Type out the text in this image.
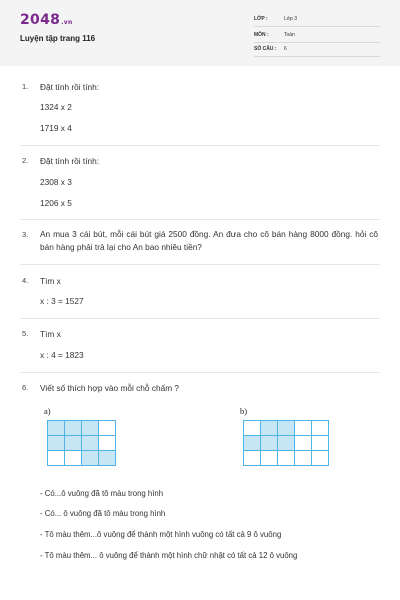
2048.vn
Luyện tập trang 116
LỚP :	Lớp 3
MÔN :	Toán
SỐ CÂU : 6
1. Đặt tính rồi tính:
1324 x 2
1719 x 4
2. Đặt tính rồi tính:
2308 x 3
1206 x 5
3. An mua 3 cái bút, mỗi cái bút giá 2500 đồng. An đưa cho cô bán hàng 8000 đồng. hỏi cô bán hàng phải trả lại cho An bao nhiêu tiền?
4. Tìm x
x : 3 = 1527
5. Tìm x
x : 4 = 1823
6. Viết số thích hợp vào mỗi chỗ chấm ?
a)

				b)

- Có...ô vuông đã tô màu trong hình
- Có... ô vuông đã tô màu trong hình
- Tô màu thêm...ô vuông để thành một hình vuông có tất cả 9 ô vuông
- Tô màu thêm... ô vuông để thành một hình chữ nhật có tất cả 12 ô vuông
